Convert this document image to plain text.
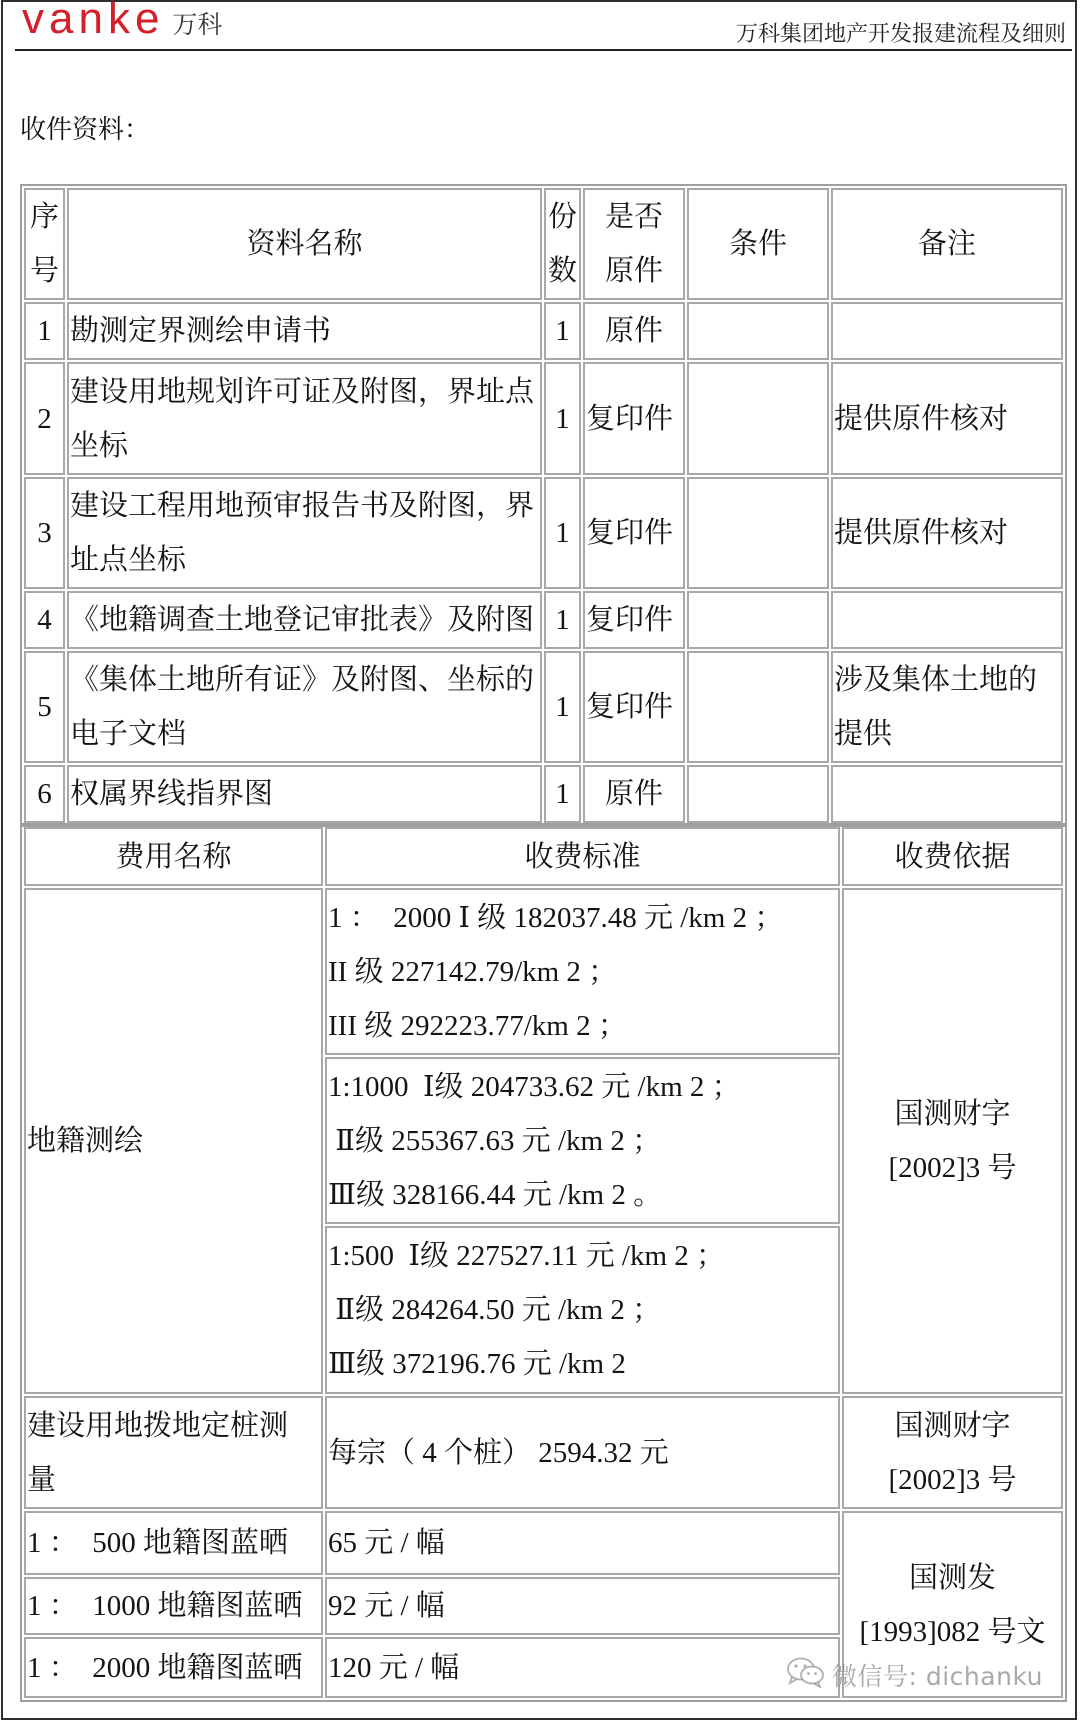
vanke 万科	万科集团地产开发报建流程及细则
收件资料：
序号	资料名称	份数	是否原件	条件	备注
1	勘测定界测绘申请书	1	原件		
2	建设用地规划许可证及附图，界址点坐标	1	复印件		提供原件核对
3	建设工程用地预审报告书及附图，界址点坐标	1	复印件		提供原件核对
4	《地籍调查土地登记审批表》及附图	1	复印件		
5	《集体土地所有证》及附图、坐标的电子文档	1	复印件		涉及集体土地的提供
6	权属界线指界图	1	原件		
费用名称	收费标准	收费依据
地籍测绘	1 ：  2000 Ⅰ 级 182037.48 元 /km 2 ；
II 级 227142.79/km 2 ；
III 级 292223.77/km 2 ；	国测财字
[2002]3 号

	1:1000  Ⅰ级 204733.62 元 /km 2 ；
Ⅱ级 255367.63 元 /km 2 ；
Ⅲ级 328166.44 元 /km 2 。	

	1:500  Ⅰ级 227527.11 元 /km 2 ；
Ⅱ级 284264.50 元 /km 2 ；
Ⅲ级 372196.76 元 /km 2	

建设用地拨地定桩测量	每宗（ 4 个桩） 2594.32 元	国测财字
[2002]3 号

1 ：  500 地籍图蓝晒	65 元 / 幅	国测发
[1993]082 号文

1 ：  1000 地籍图蓝晒	92 元 / 幅	

1 ：  2000 地籍图蓝晒	120 元 / 幅		微信号: dichanku
